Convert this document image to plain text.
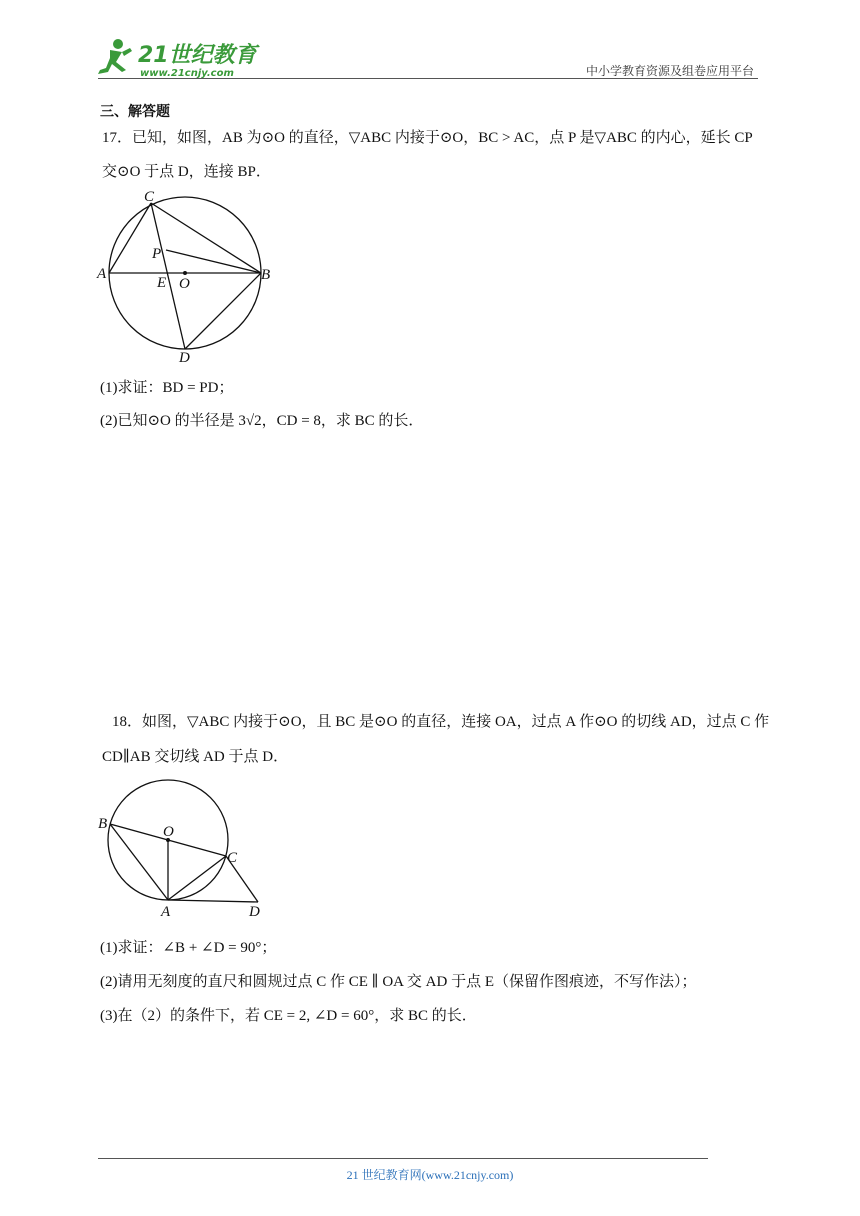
21世纪教育
www.21cnjy.com	中小学教育资源及组卷应用平台
三、解答题
17．已知，如图，AB 为⊙O 的直径，▽ABC 内接于⊙O，BC > AC，点 P 是▽ABC 的内心，延长 CP
交⊙O 于点 D，连接 BP．
C
P
A	B
E O
D
(1)求证：BD = PD；
(2)已知⊙O 的半径是 3√2，CD = 8，求 BC 的长．
18．如图，▽ABC 内接于⊙O，且 BC 是⊙O 的直径，连接 OA，过点 A 作⊙O 的切线 AD，过点 C 作
CD∥AB 交切线 AD 于点 D．
B	O
C
A	D
(1)求证：∠B + ∠D = 90°；
(2)请用无刻度的直尺和圆规过点 C 作 CE ∥ OA 交 AD 于点 E（保留作图痕迹，不写作法）；
(3)在（2）的条件下，若 CE = 2, ∠D = 60°，求 BC 的长．
21 世纪教育网(www.21cnjy.com)
